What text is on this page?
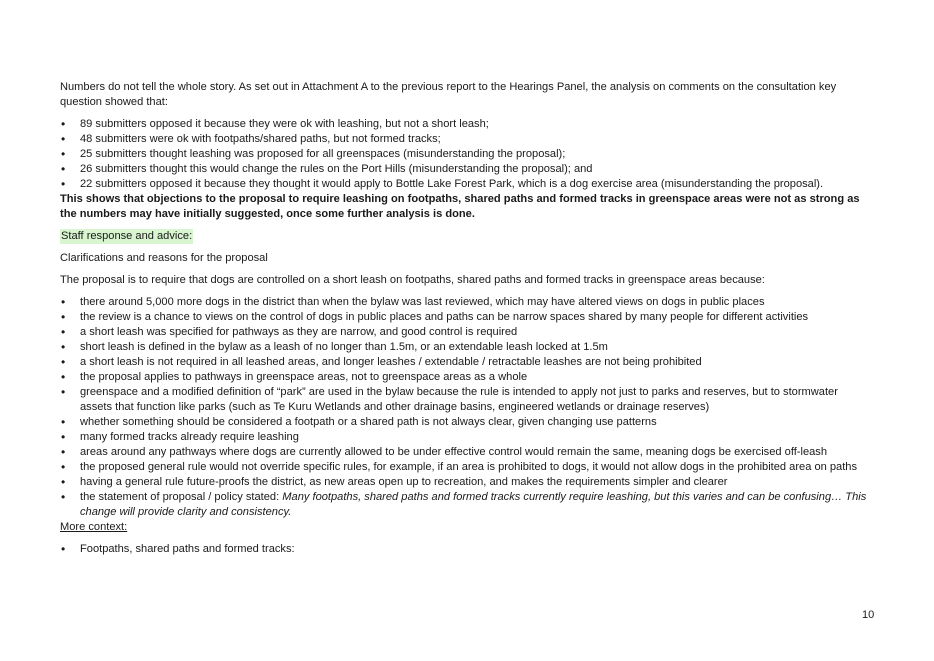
Numbers do not tell the whole story. As set out in Attachment A to the previous report to the Hearings Panel, the analysis on comments on the consultation key question showed that:

• 89 submitters opposed it because they were ok with leashing, but not a short leash;
• 48 submitters were ok with footpaths/shared paths, but not formed tracks;
• 25 submitters thought leashing was proposed for all greenspaces (misunderstanding the proposal);
• 26 submitters thought this would change the rules on the Port Hills (misunderstanding the proposal); and
• 22 submitters opposed it because they thought it would apply to Bottle Lake Forest Park, which is a dog exercise area (misunderstanding the proposal).

This shows that objections to the proposal to require leashing on footpaths, shared paths and formed tracks in greenspace areas were not as strong as the numbers may have initially suggested, once some further analysis is done.

Staff response and advice:

Clarifications and reasons for the proposal

The proposal is to require that dogs are controlled on a short leash on footpaths, shared paths and formed tracks in greenspace areas because:

• there around 5,000 more dogs in the district than when the bylaw was last reviewed, which may have altered views on dogs in public places
• the review is a chance to views on the control of dogs in public places and paths can be narrow spaces shared by many people for different activities
• a short leash was specified for pathways as they are narrow, and good control is required
• short leash is defined in the bylaw as a leash of no longer than 1.5m, or an extendable leash locked at 1.5m
• a short leash is not required in all leashed areas, and longer leashes / extendable / retractable leashes are not being prohibited
• the proposal applies to pathways in greenspace areas, not to greenspace areas as a whole
• greenspace and a modified definition of “park” are used in the bylaw because the rule is intended to apply not just to parks and reserves, but to stormwater assets that function like parks (such as Te Kuru Wetlands and other drainage basins, engineered wetlands or drainage reserves)
• whether something should be considered a footpath or a shared path is not always clear, given changing use patterns
• many formed tracks already require leashing
• areas around any pathways where dogs are currently allowed to be under effective control would remain the same, meaning dogs be exercised off-leash
• the proposed general rule would not override specific rules, for example, if an area is prohibited to dogs, it would not allow dogs in the prohibited area on paths
• having a general rule future-proofs the district, as new areas open up to recreation, and makes the requirements simpler and clearer
• the statement of proposal / policy stated: Many footpaths, shared paths and formed tracks currently require leashing, but this varies and can be confusing… This change will provide clarity and consistency.

More context:

• Footpaths, shared paths and formed tracks:
10
